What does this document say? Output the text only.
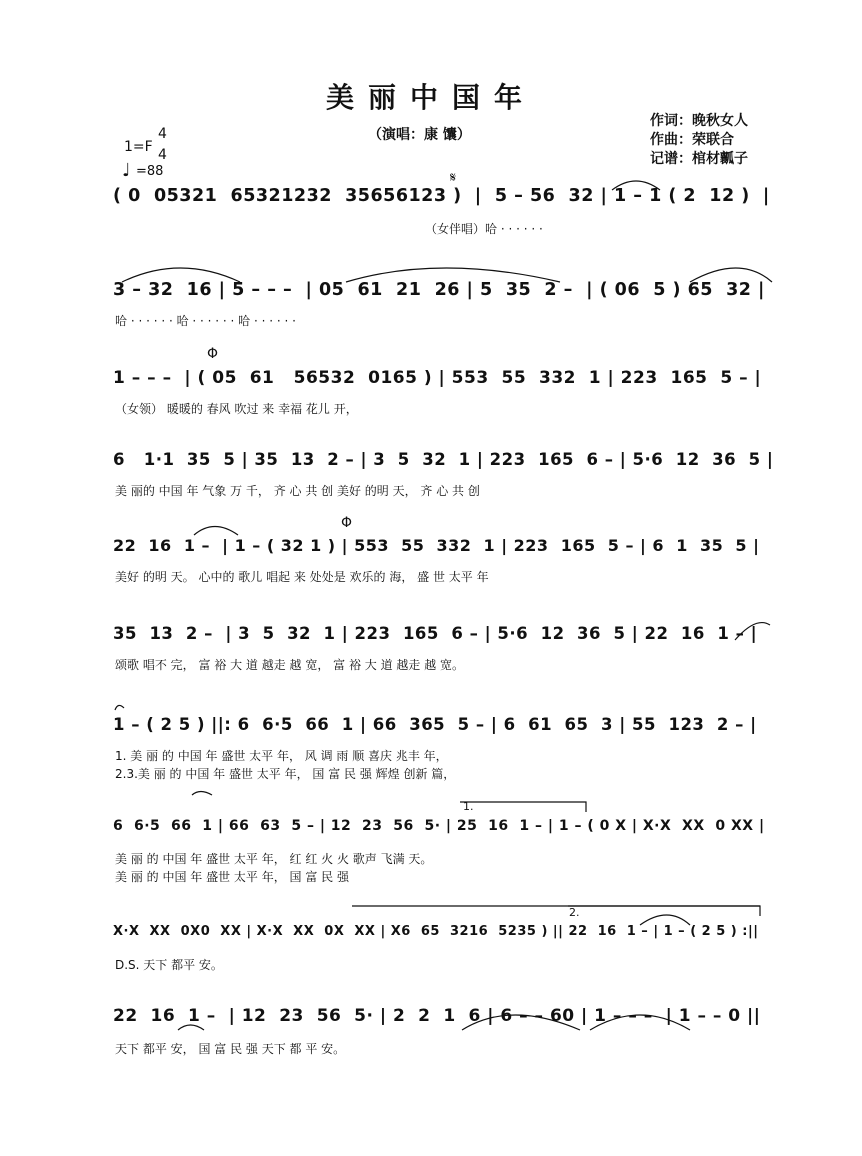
美丽中国年
（演唱：康 馕）
作词：晚秋女人
作曲：荣联合
记谱：棺材瓤子
1=F
4
4
♩ =88	𝄋
Φ
Φ
1.
2.
( 0  05321  65321232  35656123 )  |  5 – 56  32 | 1 – 1 ( 2  12 )  |
（女伴唱）哈 · · · · · ·
3 – 32  16 | 5 – – –  | 05  61  21  26 | 5  35  2 –  | ( 06  5 ) 65  32 |
哈 · · · · · · 哈 · · · · · · 哈 · · · · · ·
1 – – –  | ( 05  61   56532  0165 ) | 553  55  332  1 | 223  165  5 – |
（女领） 暖暖的 春风 吹过 来 幸福 花儿 开，
6   1·1  35  5 | 35  13  2 – | 3  5  32  1 | 223  165  6 – | 5·6  12  36  5 |
美 丽的 中国 年 气象 万 千， 齐 心 共 创 美好 的明 天， 齐 心 共 创
22  16  1 –  | 1 – ( 32 1 ) | 553  55  332  1 | 223  165  5 – | 6  1  35  5 |
美好 的明 天。 心中的 歌儿 唱起 来 处处是 欢乐的 海， 盛 世 太平 年
35  13  2 –  | 3  5  32  1 | 223  165  6 – | 5·6  12  36  5 | 22  16  1 – |
颂歌 唱不 完， 富 裕 大 道 越走 越 宽， 富 裕 大 道 越走 越 宽。
1 – ( 2 5 ) ||: 6  6·5  66  1 | 66  365  5 – | 6  61  65  3 | 55  123  2 – |
1. 美 丽 的 中国 年 盛世 太平 年， 风 调 雨 顺 喜庆 兆丰 年，
2.3.美 丽 的 中国 年 盛世 太平 年， 国 富 民 强 辉煌 创新 篇，
6  6·5  66  1 | 66  63  5 – | 12  23  56  5· | 25  16  1 – | 1 – ( 0 X | X·X  XX  0 XX |
美 丽 的 中国 年 盛世 太平 年， 红 红 火 火 歌声 飞满 天。
美 丽 的 中国 年 盛世 太平 年， 国 富 民 强
X·X  XX  0X0  XX | X·X  XX  0X  XX | X6  65  3216  5235 ) || 22  16  1 – | 1 – ( 2 5 ) :||
D.S. 天下 都平 安。
22  16  1 –  | 12  23  56  5· | 2  2  1  6 | 6 – – 60 | 1 – – –  | 1 – – 0 ||
天下 都平 安， 国 富 民 强 天下 都 平 安。
